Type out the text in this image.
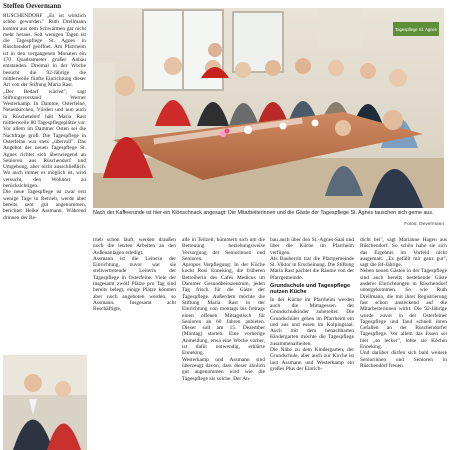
Steffen Oevermann

RÜSCHENDORF „Es ist wirklich schön geworden." Ruth Drellmann kommt aus dem Schwärmen gar nicht mehr heraus. Seit wenigen Tagen ist die Tagespflege St. Agnes in Rüschendorf geöffnet. Am Pfarrheim ist in den vergangenen Monaten ein 170 Quadratmeter großer Anbau entstanden. Dreimal in der Woche besucht die 92-Jährige die mittlerweile fünfte Einrichtung dieser Art von der Stiftung Maria Rast.

„Der Bedarf wächst", sagt Stiftungsvorstand Werner Westerkamp. In Damme, Osterfeine, Neuenkirchen, Vörden und nun auch in Rüschendorf hält Maria Rast mittlerweile 80 Tagespflegeplätze vor. Vor allem im Dammer Osten sei die Nachfrage groß. Die Tagespflege in Osterfeine war stets „überroll". Das Angebot der neuen Tagespflege St. Agnes richtet sich überwiegend an Senioren aus Rüschendorf und Umgebung, aber nicht ausschließlich. Wo auch immer es möglich ist, wird versucht, den Wohnort zu berücksichtigen.

Die neue Tagespflege ist zwar erst wenige Tage in Betrieb, werde aber bereits sehr gut angenommen, berichtet Heike Assmann. Während drinnen der Be-

Tagespflege St. Agnes
Nach der Kaffeerunde ist hier ein Klönschnack angesagt: Die Mitarbeiterinnen und die Gäste der Tagespflege St. Agnes tauschen sich gerne aus.
Fotos: Oevermann

trieb schon läuft, werden draußen noch die letzten Arbeiten an den Außenanlagen erledigt.

Assmann ist die Leiterin der Einrichtung, zuvor war sie stellvertretende Leiterin der Tagespflege in Osterfeine. Viele der insgesamt zwölf Plätze pro Tag sind bereits belegt, einige Plätze könnten aber noch angeboten werden, so Assmann. Insgesamt acht Beschäftigte,

alle in Teilzeit, kümmern sich um die Betreuung beziehungsweise Versorgung der Seniorinnen und Senioren.

Apropos Verpflegung: In der Küche kocht Rosi Enneking, die früheren Betreiberin des Cafés Medicus im Dammer Gesundheitszentrum, jeden Tag frisch für die Gäste der Tagespflege. Außerdem möchte die Stiftung Maria Rast in der Einrichtung von montags bis freitags einen offenen Mittagstisch für Senioren ab 60 Jahren anbieten. Dieser soll am 15. Dezember (Montag) starten. Eine vorherige Anmeldung, etwa eine Woche vorher, ist dafür notwendig, erklärte Enneking.

Westerkamp und Assmann sind überzeugt davon, dass dieser ähnlich gut angenommen wird wie die Tagespflege als solche. Der An-

bau auch über den St.-Agnes-Saal und über die Küche im Pfarrheim verfügen.

Als Bauherrin trat die Pfarrgemeinde St. Viktor in Erscheinung. Die Stiftung Maria Rast pachtet die Räume von der Pfarrgemeinde.

Grundschule und Tagespflege nutzen Küche

In der Küche im Pfarrheim werden auch die Mittagessen der Grundschulkinder zubereitet. Die Grundschüler gehen im Pfarrheim ein und aus und essen im Kolpingsaal. Auch mit dem benachbarten Kindergarten möchte die Tagespflege zusammenarbeiten.

Die Nähe zu dem Kindergarten, der Grundschule, aber auch zur Kirche ist laut Assmann und Westerkamp ein großes Plus der Einrich-

dicht bei", sagt Marianne Hagen aus Rüschendorf. So schön habe sie sich das Ergebnis im Vorfeld nicht ausgemalt. „Es gefällt mir ganz gut", sagt die 84-Jährige.

Neben neuen Gästen in der Tagespflege sind auch bereits bestehende Gäste anderer Einrichtungen in Rüschendorf untergekommen. So wie Ruth Drellmann, die mit ihrer Registrierung fast schon ansteckend auf die Mitarbeiterinnen wirkt. Die 92-Jährige wurde zuvor in der Osterfeiner Tagespflege und fand schnell ihren Gefallen an der Rüschendorfer Tagespflege. Vor allem das Essen sei hier „so lecker", lobte sie Köchin Enneking.

Und darüber dürfen sich bald weitere Seniorinnen und Senioren in Rüschendorf freuen.
